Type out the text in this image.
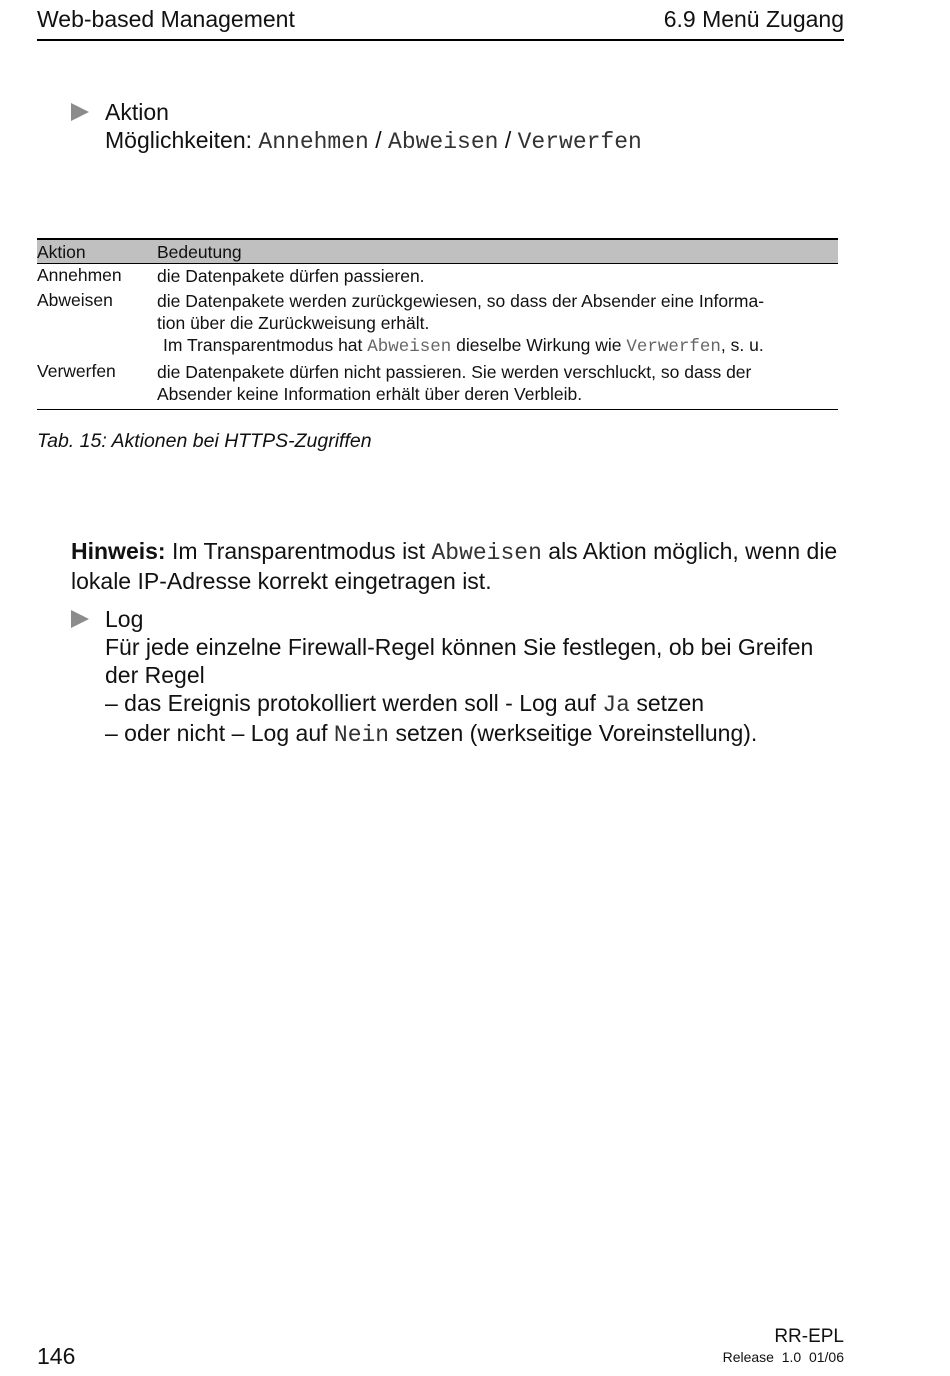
Web-based Management	6.9 Menü Zugang
Aktion
Möglichkeiten: Annehmen / Abweisen / Verwerfen
Aktion	Bedeutung
Annehmen die Datenpakete dürfen passieren.
Abweisen	die Datenpakete werden zurückgewiesen, so dass der Absender eine Informa-
tion über die Zurückweisung erhält.
Im Transparentmodus hat Abweisen dieselbe Wirkung wie Verwerfen, s. u.
Verwerfen die Datenpakete dürfen nicht passieren. Sie werden verschluckt, so dass der
Absender keine Information erhält über deren Verbleib.
Tab. 15: Aktionen bei HTTPS-Zugriffen
Hinweis: Im Transparentmodus ist Abweisen als Aktion möglich, wenn die lokale IP-Adresse korrekt eingetragen ist.
Log
Für jede einzelne Firewall-Regel können Sie festlegen, ob bei Greifen der Regel
– das Ereignis protokolliert werden soll - Log auf Ja setzen
– oder nicht – Log auf Nein setzen (werkseitige Voreinstellung).
146
RR-EPL
Release  1.0  01/06
